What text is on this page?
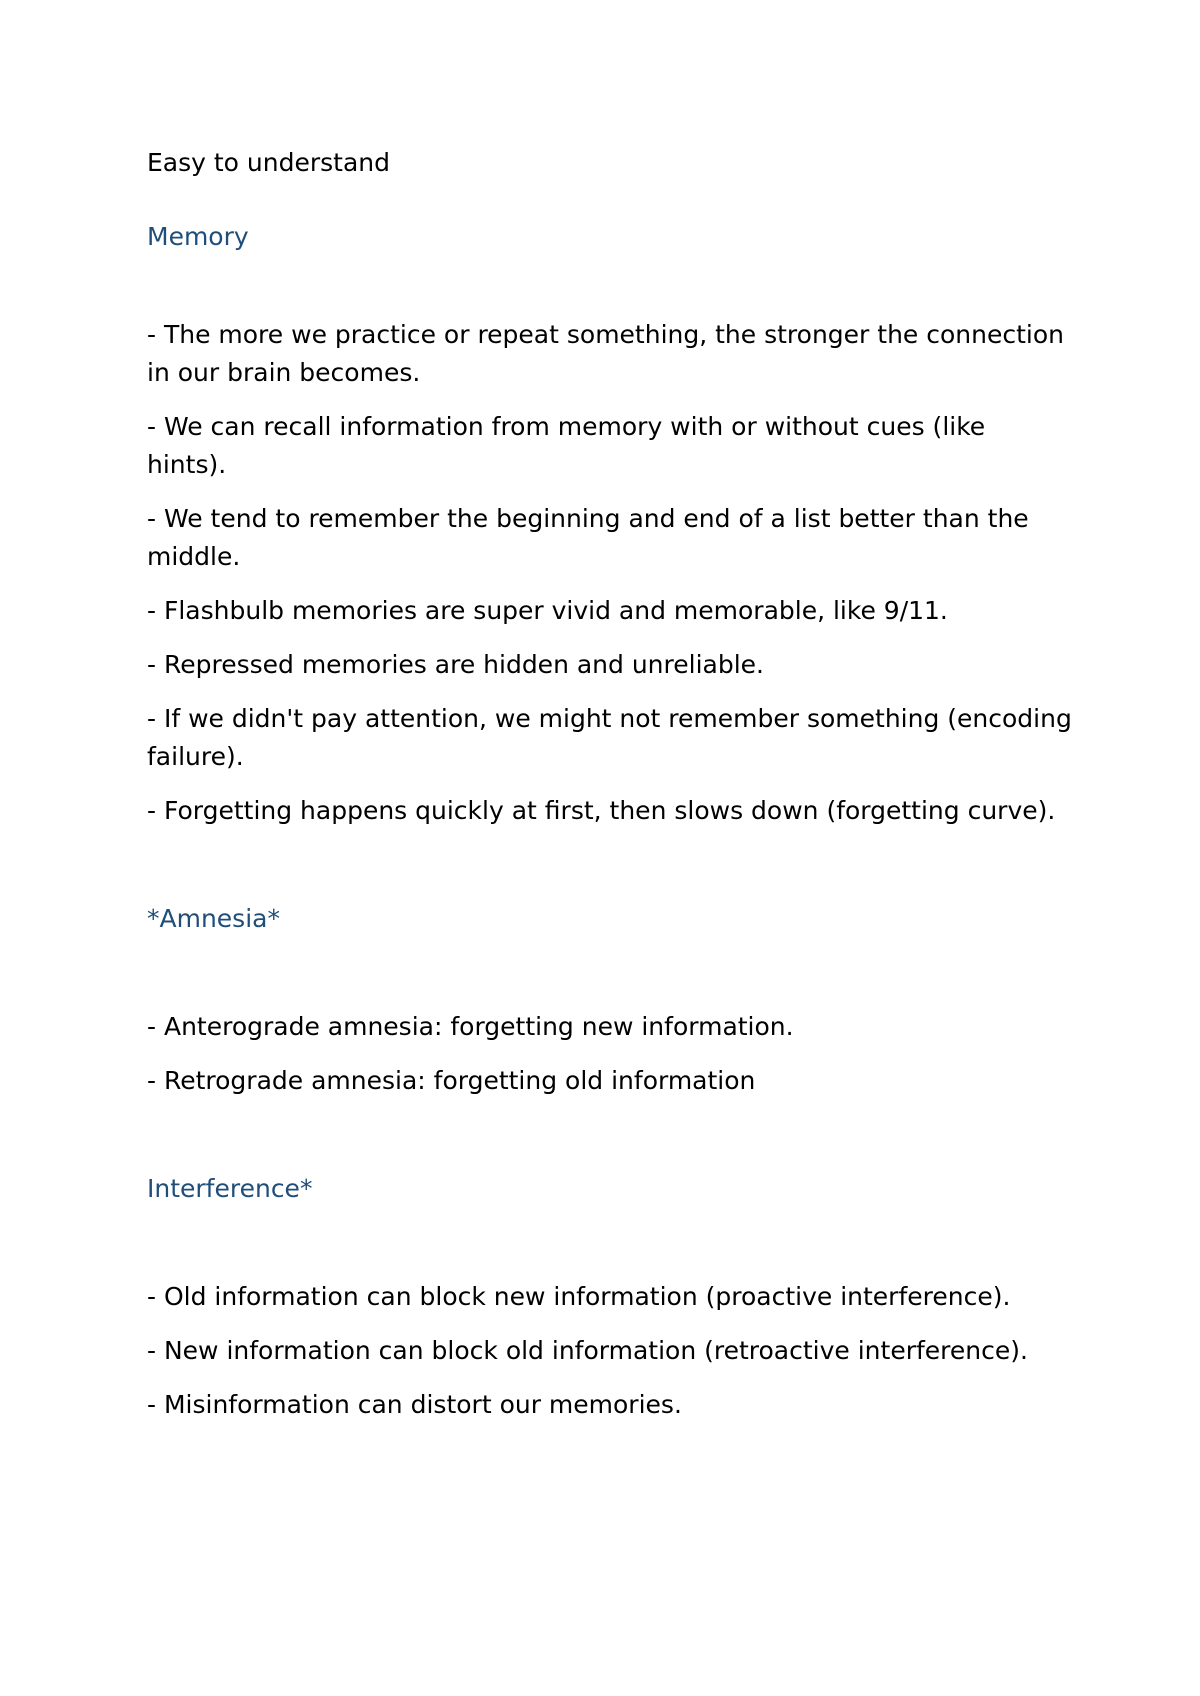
Easy to understand

Memory

- The more we practice or repeat something, the stronger the connection in our brain becomes.

- We can recall information from memory with or without cues (like hints).

- We tend to remember the beginning and end of a list better than the middle.

- Flashbulb memories are super vivid and memorable, like 9/11.

- Repressed memories are hidden and unreliable.

- If we didn't pay attention, we might not remember something (encoding failure).

- Forgetting happens quickly at first, then slows down (forgetting curve).

*Amnesia*

- Anterograde amnesia: forgetting new information.

- Retrograde amnesia: forgetting old information

Interference*

- Old information can block new information (proactive interference).

- New information can block old information (retroactive interference).

- Misinformation can distort our memories.
